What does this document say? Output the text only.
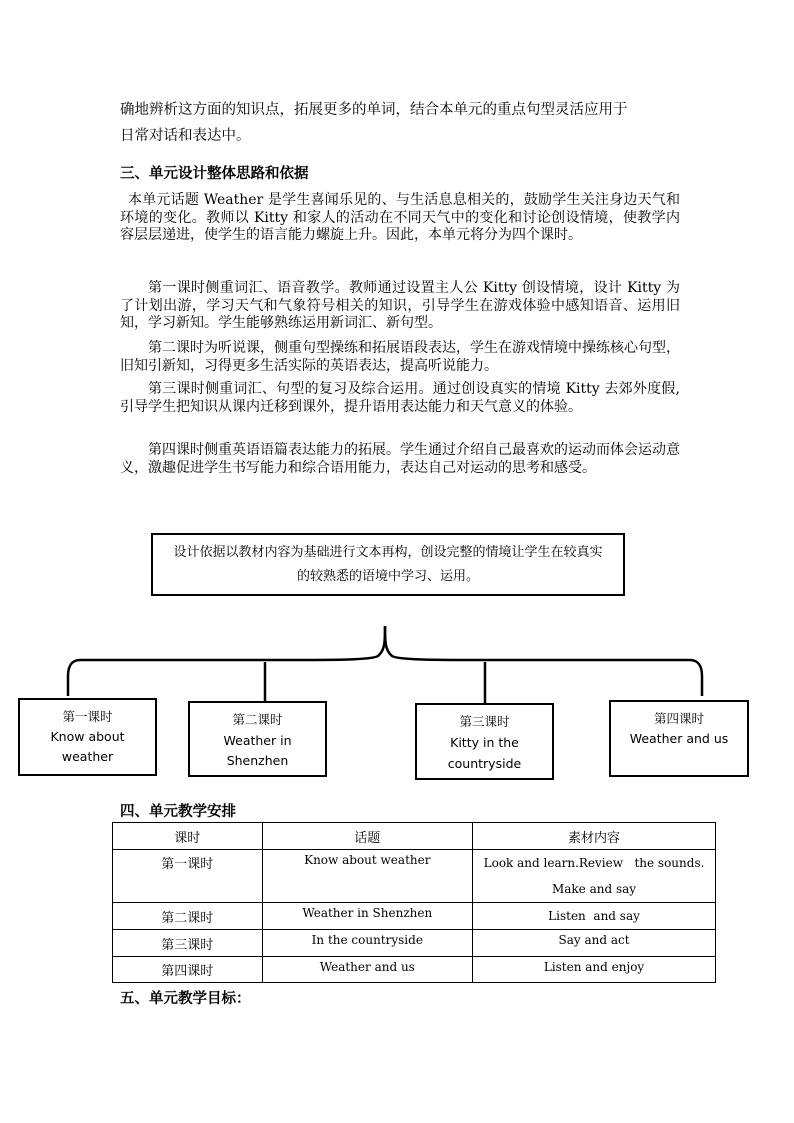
确地辨析这方面的知识点，拓展更多的单词，结合本单元的重点句型灵活应用于
日常对话和表达中。
三、单元设计整体思路和依据
本单元话题 Weather 是学生喜闻乐见的、与生活息息相关的，鼓励学生关注身边天气和环境的变化。教师以 Kitty 和家人的活动在不同天气中的变化和讨论创设情境，使教学内容层层递进，使学生的语言能力螺旋上升。因此，本单元将分为四个课时。
第一课时侧重词汇、语音教学。教师通过设置主人公 Kitty 创设情境，设计 Kitty 为了计划出游，学习天气和气象符号相关的知识，引导学生在游戏体验中感知语音、运用旧知，学习新知。学生能够熟练运用新词汇、新句型。
第二课时为听说课，侧重句型操练和拓展语段表达，学生在游戏情境中操练核心句型，旧知引新知，习得更多生活实际的英语表达，提高听说能力。
第三课时侧重词汇、句型的复习及综合运用。通过创设真实的情境 Kitty 去郊外度假,引导学生把知识从课内迁移到课外，提升语用表达能力和天气意义的体验。
第四课时侧重英语语篇表达能力的拓展。学生通过介绍自己最喜欢的运动而体会运动意义，激趣促进学生书写能力和综合语用能力，表达自己对运动的思考和感受。
设计依据以教材内容为基础进行文本再构，创设完整的情境让学生在较真实的较熟悉的语境中学习、运用。
第一课时
Know about
weather
第二课时
Weather in
Shenzhen
第三课时
Kitty in the
countryside
第四课时
Weather and us
四、单元教学安排
课时	话题	素材内容
第一课时	Know about weather	Look and learn.Review   the sounds.
Make and say

第二课时	Weather in Shenzhen	Listen  and say
第三课时	In the countryside	Say and act
第四课时	Weather and us	Listen and enjoy
五、单元教学目标：
